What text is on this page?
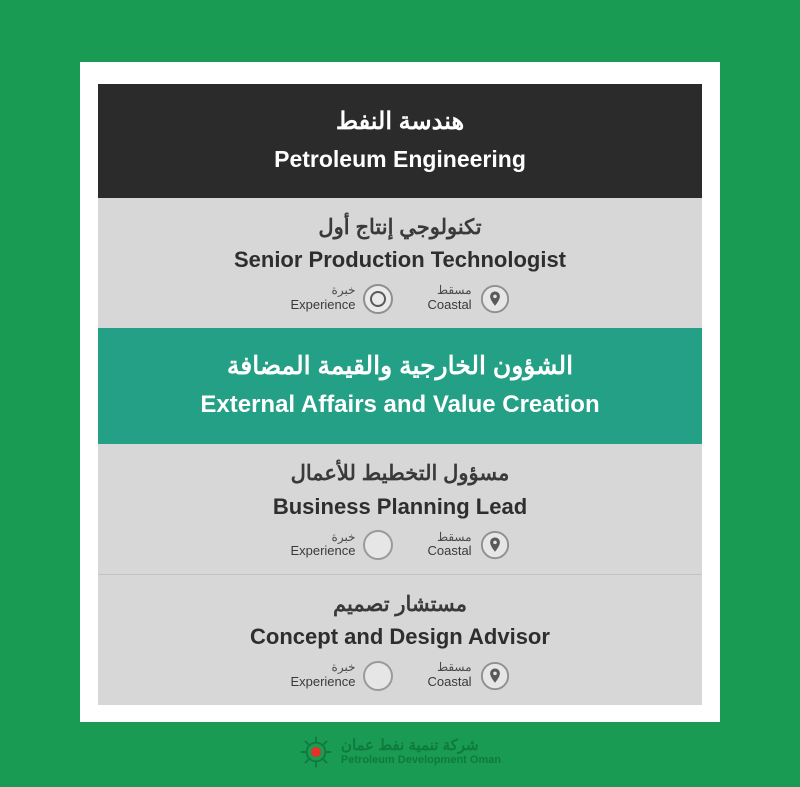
هندسة النفط
Petroleum Engineering
تكنولوجي إنتاج أول
Senior Production Technologist
خبرة
Experience
مسقط
Coastal
الشؤون الخارجية والقيمة المضافة
External Affairs and Value Creation
مسؤول التخطيط للأعمال
Business Planning Lead
خبرة
Experience
مسقط
Coastal
مستشار تصميم
Concept and Design Advisor
خبرة
Experience
مسقط
Coastal
شركة تنمية نفط عمان
Petroleum Development Oman
